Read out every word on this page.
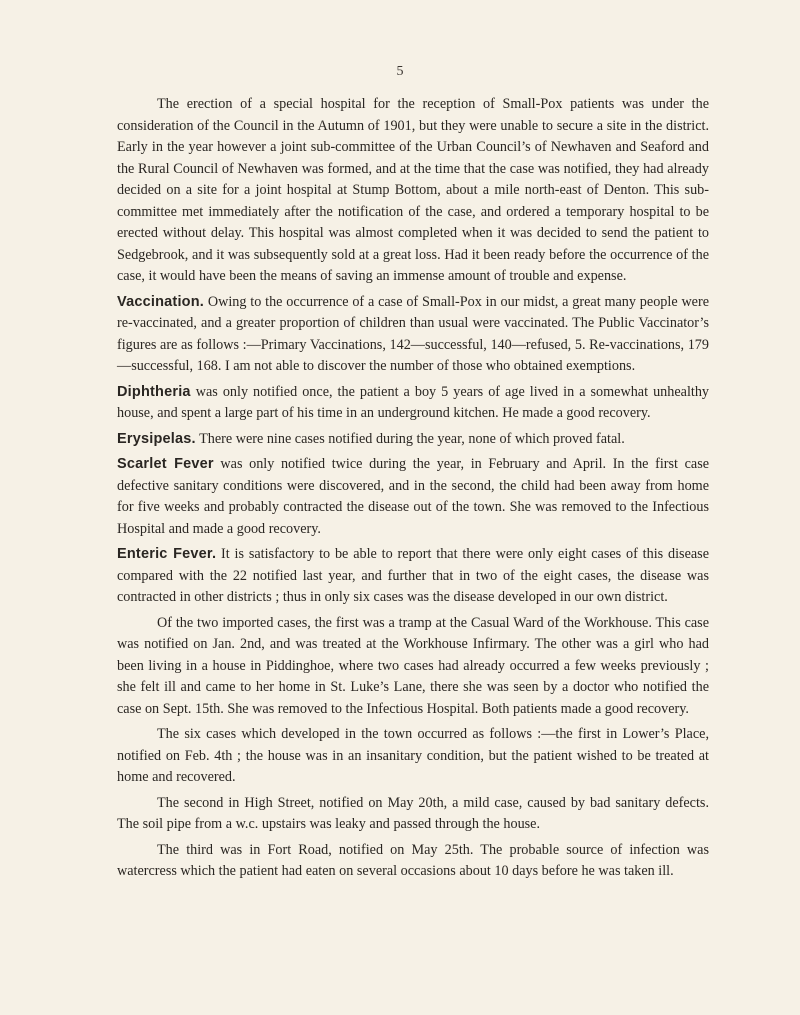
5

The erection of a special hospital for the reception of Small-Pox patients was under the consideration of the Council in the Autumn of 1901, but they were unable to secure a site in the district. Early in the year however a joint sub-committee of the Urban Council’s of Newhaven and Seaford and the Rural Council of Newhaven was formed, and at the time that the case was notified, they had already decided on a site for a joint hospital at Stump Bottom, about a mile north-east of Denton. This sub-committee met immediately after the notification of the case, and ordered a temporary hospital to be erected without delay. This hospital was almost completed when it was decided to send the patient to Sedgebrook, and it was subsequently sold at a great loss. Had it been ready before the occurrence of the case, it would have been the means of saving an immense amount of trouble and expense.

Vaccination. Owing to the occurrence of a case of Small-Pox in our midst, a great many people were re-vaccinated, and a greater proportion of children than usual were vaccinated. The Public Vaccinator’s figures are as follows :—Primary Vaccinations, 142—successful, 140—refused, 5. Re-vaccinations, 179—successful, 168. I am not able to discover the number of those who obtained exemptions.

Diphtheria was only notified once, the patient a boy 5 years of age lived in a somewhat unhealthy house, and spent a large part of his time in an underground kitchen. He made a good recovery.

Erysipelas. There were nine cases notified during the year, none of which proved fatal.

Scarlet Fever was only notified twice during the year, in February and April. In the first case defective sanitary conditions were discovered, and in the second, the child had been away from home for five weeks and probably contracted the disease out of the town. She was removed to the Infectious Hospital and made a good recovery.

Enteric Fever. It is satisfactory to be able to report that there were only eight cases of this disease compared with the 22 notified last year, and further that in two of the eight cases, the disease was contracted in other districts ; thus in only six cases was the disease developed in our own district.

Of the two imported cases, the first was a tramp at the Casual Ward of the Workhouse. This case was notified on Jan. 2nd, and was treated at the Workhouse Infirmary. The other was a girl who had been living in a house in Piddinghoe, where two cases had already occurred a few weeks previously ; she felt ill and came to her home in St. Luke’s Lane, there she was seen by a doctor who notified the case on Sept. 15th. She was removed to the Infectious Hospital. Both patients made a good recovery.

The six cases which developed in the town occurred as follows :—the first in Lower’s Place, notified on Feb. 4th ; the house was in an insanitary condition, but the patient wished to be treated at home and recovered.

The second in High Street, notified on May 20th, a mild case, caused by bad sanitary defects. The soil pipe from a w.c. upstairs was leaky and passed through the house.

The third was in Fort Road, notified on May 25th. The probable source of infection was watercress which the patient had eaten on several occasions about 10 days before he was taken ill.
